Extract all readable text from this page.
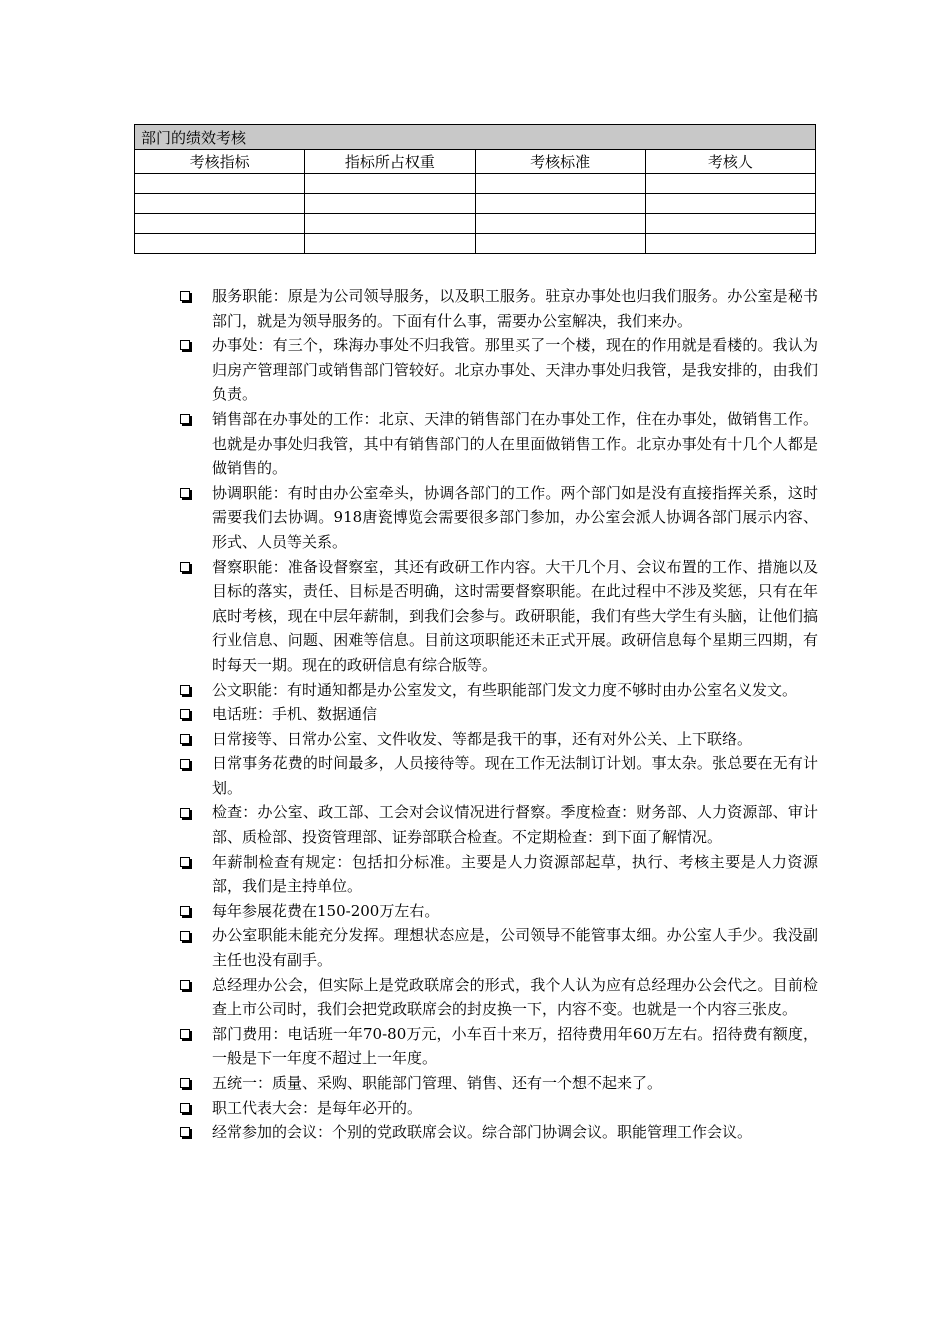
部门的绩效考核			
考核指标	指标所占权重	考核标准	考核人

服务职能：原是为公司领导服务，以及职工服务。驻京办事处也归我们服务。办公室是秘书部门，就是为领导服务的。下面有什么事，需要办公室解决，我们来办。
办事处：有三个，珠海办事处不归我管。那里买了一个楼，现在的作用就是看楼的。我认为归房产管理部门或销售部门管较好。北京办事处、天津办事处归我管，是我安排的，由我们负责。
销售部在办事处的工作：北京、天津的销售部门在办事处工作，住在办事处，做销售工作。也就是办事处归我管，其中有销售部门的人在里面做销售工作。北京办事处有十几个人都是做销售的。
协调职能：有时由办公室牵头，协调各部门的工作。两个部门如是没有直接指挥关系，这时需要我们去协调。918唐瓷博览会需要很多部门参加，办公室会派人协调各部门展示内容、形式、人员等关系。
督察职能：准备设督察室，其还有政研工作内容。大干几个月、会议布置的工作、措施以及目标的落实，责任、目标是否明确，这时需要督察职能。在此过程中不涉及奖惩，只有在年底时考核，现在中层年薪制，到我们会参与。政研职能，我们有些大学生有头脑，让他们搞行业信息、问题、困难等信息。目前这项职能还未正式开展。政研信息每个星期三四期，有时每天一期。现在的政研信息有综合版等。
公文职能：有时通知都是办公室发文，有些职能部门发文力度不够时由办公室名义发文。
电话班：手机、数据通信
日常接等、日常办公室、文件收发、等都是我干的事，还有对外公关、上下联络。
日常事务花费的时间最多，人员接待等。现在工作无法制订计划。事太杂。张总要在无有计划。
检查：办公室、政工部、工会对会议情况进行督察。季度检查：财务部、人力资源部、审计部、质检部、投资管理部、证券部联合检查。不定期检查：到下面了解情况。
年薪制检查有规定：包括扣分标准。主要是人力资源部起草，执行、考核主要是人力资源部，我们是主持单位。
每年参展花费在150-200万左右。
办公室职能未能充分发挥。理想状态应是，公司领导不能管事太细。办公室人手少。我没副主任也没有副手。
总经理办公会，但实际上是党政联席会的形式，我个人认为应有总经理办公会代之。目前检查上市公司时，我们会把党政联席会的封皮换一下，内容不变。也就是一个内容三张皮。
部门费用：电话班一年70-80万元，小车百十来万，招待费用年60万左右。招待费有额度，一般是下一年度不超过上一年度。
五统一：质量、采购、职能部门管理、销售、还有一个想不起来了。
职工代表大会：是每年必开的。
经常参加的会议：个别的党政联席会议。综合部门协调会议。职能管理工作会议。
